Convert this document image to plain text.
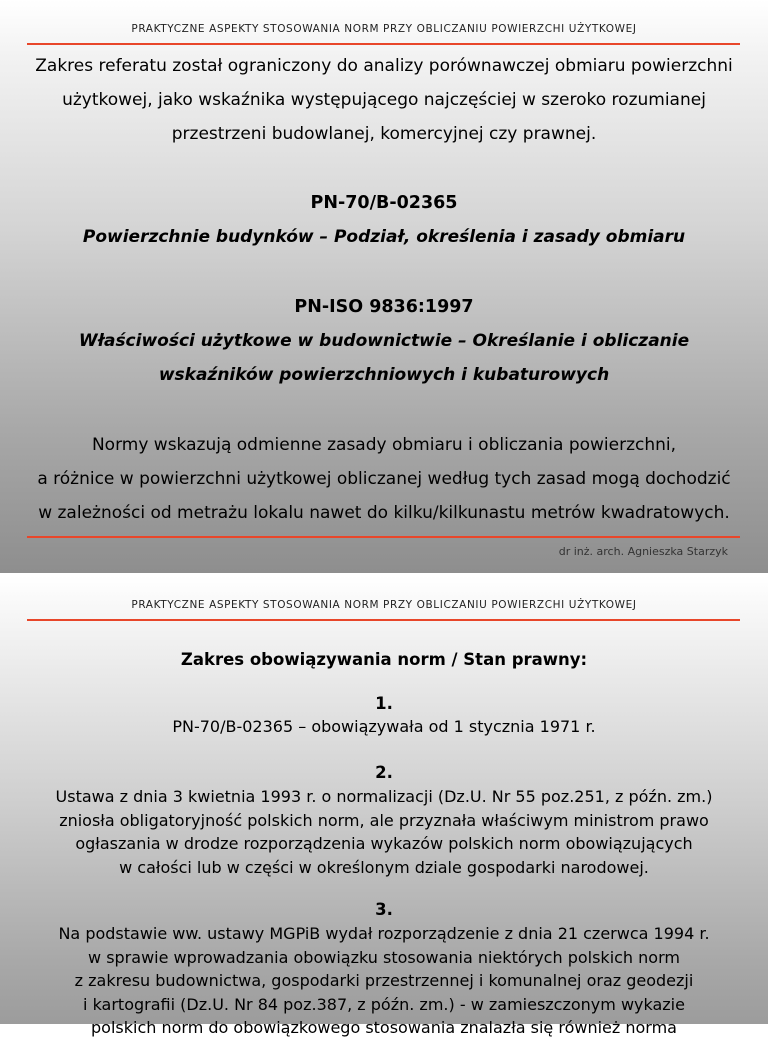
PRAKTYCZNE ASPEKTY STOSOWANIA NORM PRZY OBLICZANIU POWIERZCHI UŻYTKOWEJ
Zakres referatu został ograniczony do analizy porównawczej obmiaru powierzchni
użytkowej, jako wskaźnika występującego najczęściej w szeroko rozumianej
przestrzeni budowlanej, komercyjnej czy prawnej.
PN-70/B-02365
Powierzchnie budynków – Podział, określenia i zasady obmiaru
PN-ISO 9836:1997
Właściwości użytkowe w budownictwie – Określanie i obliczanie
wskaźników powierzchniowych i kubaturowych
Normy wskazują odmienne zasady obmiaru i obliczania powierzchni,
a różnice w powierzchni użytkowej obliczanej według tych zasad mogą dochodzić
w zależności od metrażu lokalu nawet do kilku/kilkunastu metrów kwadratowych.
dr inż. arch. Agnieszka Starzyk
PRAKTYCZNE ASPEKTY STOSOWANIA NORM PRZY OBLICZANIU POWIERZCHI UŻYTKOWEJ
Zakres obowiązywania norm / Stan prawny:
1.
PN-70/B-02365 – obowiązywała od 1 stycznia 1971 r.
2.
Ustawa z dnia 3 kwietnia 1993 r. o normalizacji (Dz.U. Nr 55 poz.251, z późn. zm.)
zniosła obligatoryjność polskich norm, ale przyznała właściwym ministrom prawo
ogłaszania w drodze rozporządzenia wykazów polskich norm obowiązujących
w całości lub w części w określonym dziale gospodarki narodowej.
3.
Na podstawie ww. ustawy MGPiB wydał rozporządzenie z dnia 21 czerwca 1994 r.
w sprawie wprowadzania obowiązku stosowania niektórych polskich norm
z zakresu budownictwa, gospodarki przestrzennej i komunalnej oraz geodezji
i kartografii (Dz.U. Nr 84 poz.387, z późn. zm.) - w zamieszczonym wykazie
polskich norm do obowiązkowego stosowania znalazła się również norma
